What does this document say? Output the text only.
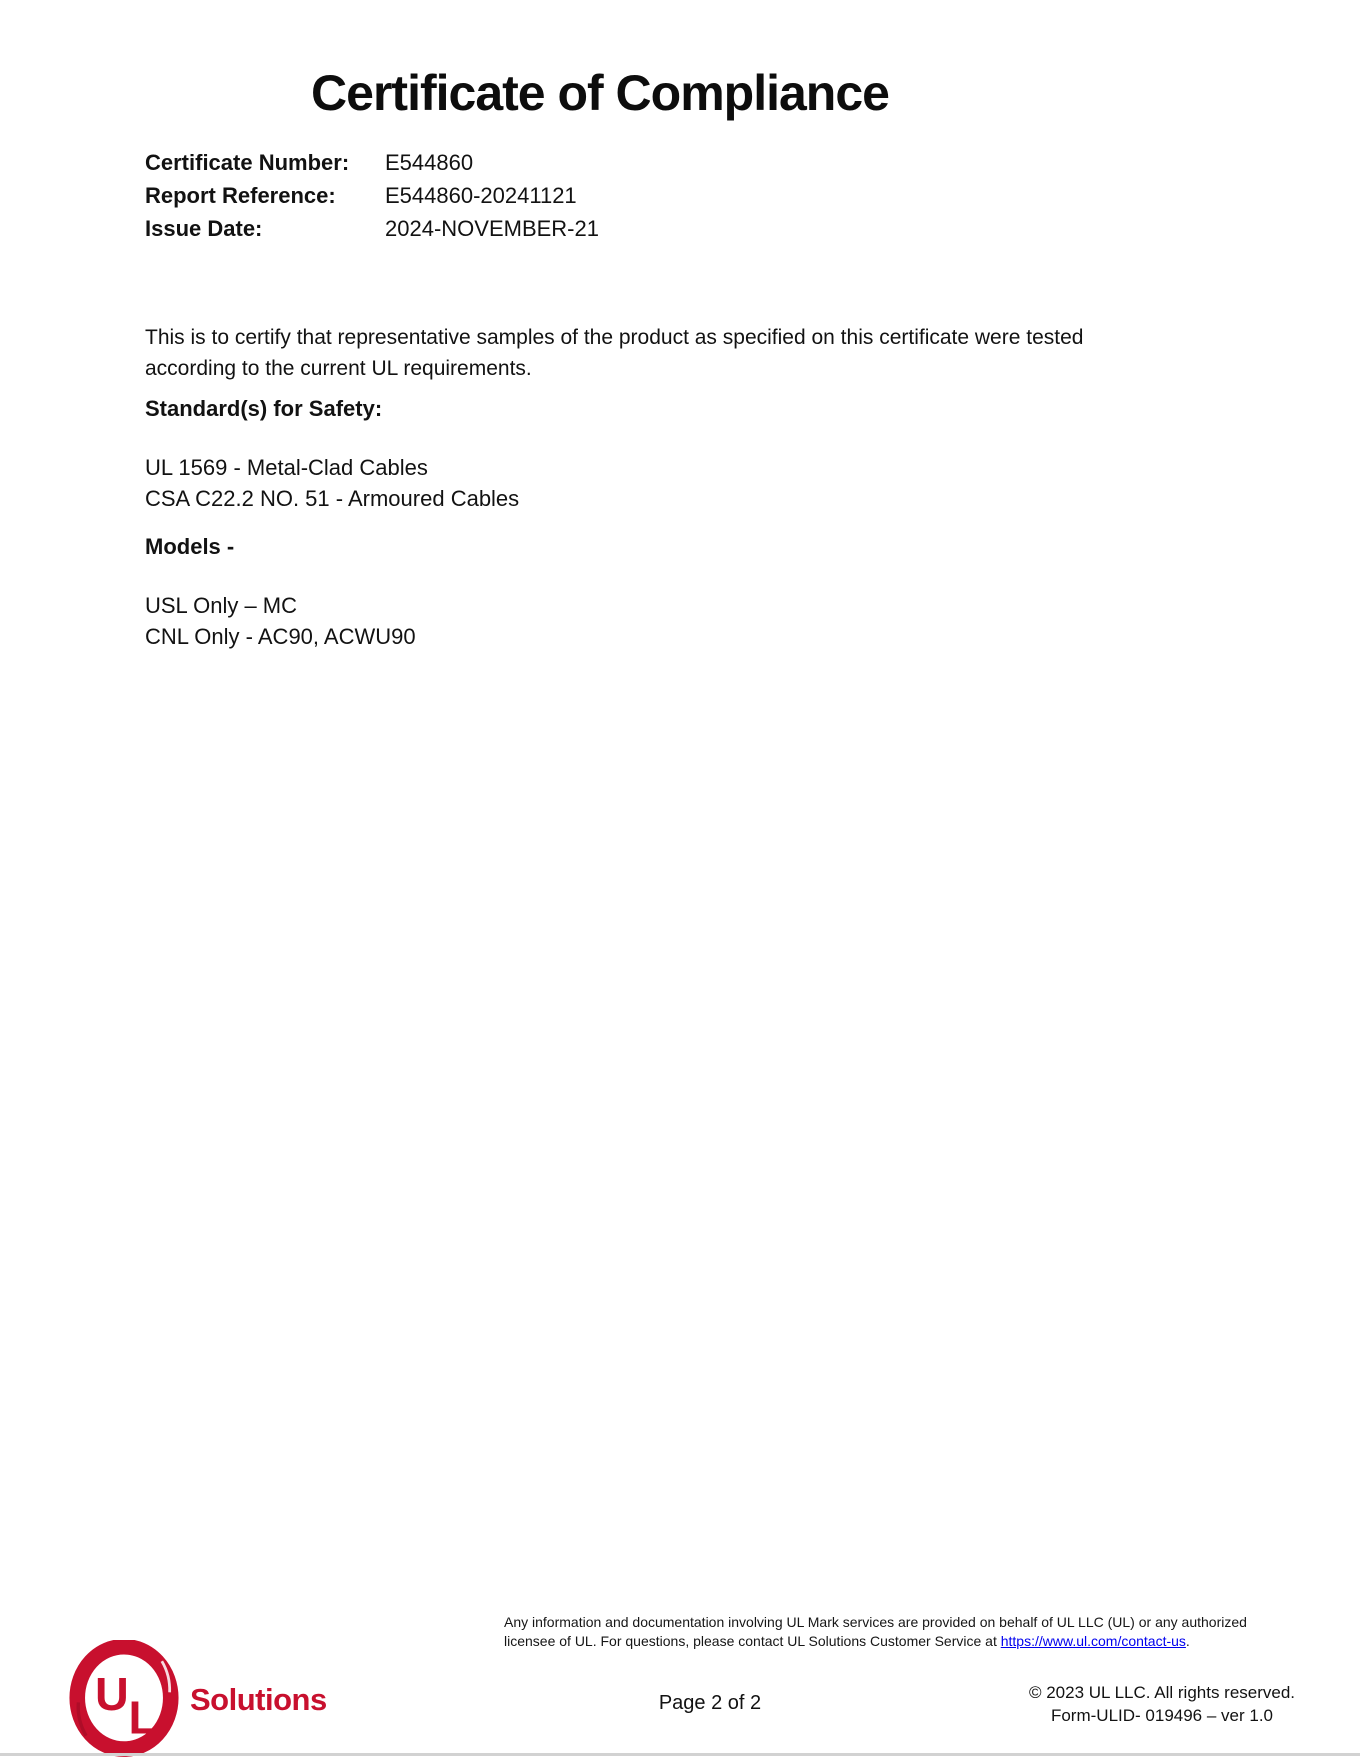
Certificate of Compliance
Certificate Number:	E544860
Report Reference:	E544860-20241121
Issue Date:	2024-NOVEMBER-21
This is to certify that representative samples of the product as specified on this certificate were tested
according to the current UL requirements.
Standard(s) for Safety:
UL 1569 - Metal-Clad Cables
CSA C22.2 NO. 51 - Armoured Cables
Models -
USL Only – MC
CNL Only - AC90, ACWU90
Any information and documentation involving UL Mark services are provided on behalf of UL LLC (UL) or any authorized
licensee of UL. For questions, please contact UL Solutions Customer Service at https://www.ul.com/contact-us.
U L Solutions	Page 2 of 2	© 2023 UL LLC. All rights reserved.
Form-ULID- 019496 – ver 1.0
